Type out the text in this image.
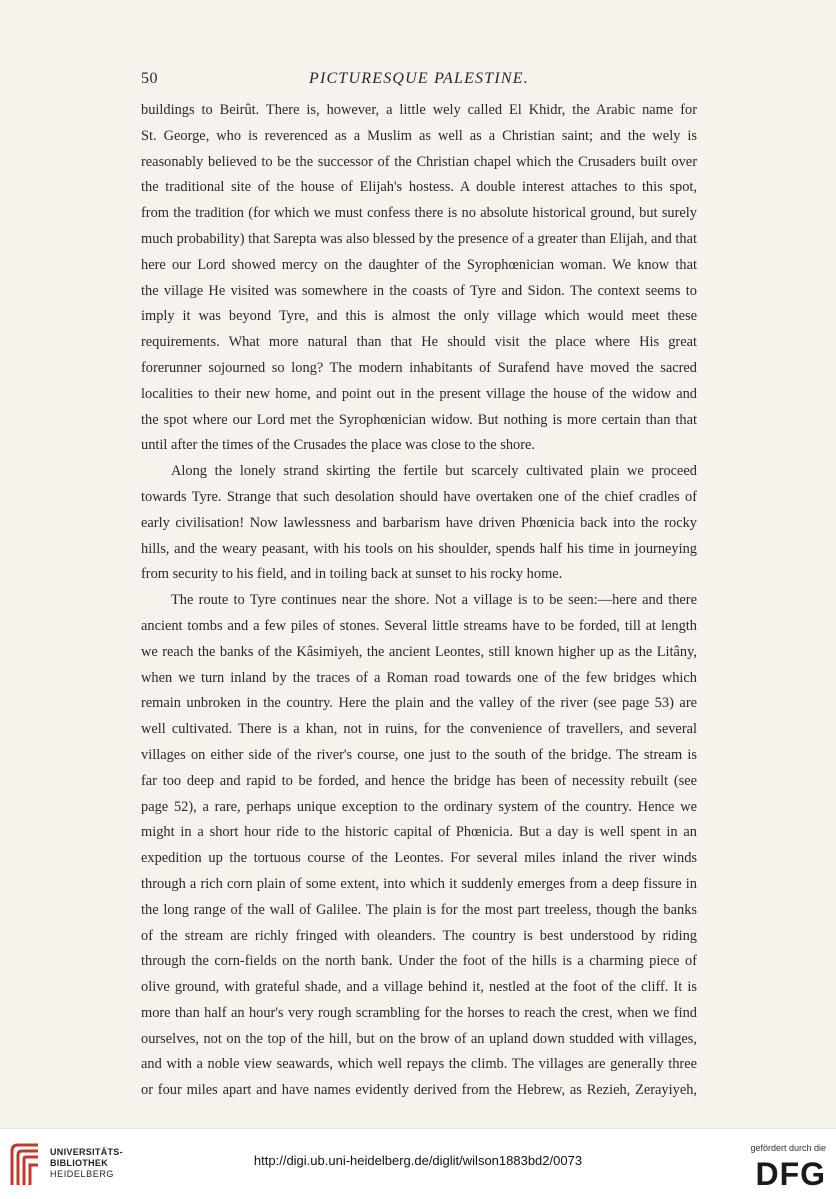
50	PICTURESQUE PALESTINE.
buildings to Beirût. There is, however, a little wely called El Khidr, the Arabic name for
St. George, who is reverenced as a Muslim as well as a Christian saint; and the wely is
reasonably believed to be the successor of the Christian chapel which the Crusaders built over
the traditional site of the house of Elijah's hostess. A double interest attaches to this spot,
from the tradition (for which we must confess there is no absolute historical ground, but surely
much probability) that Sarepta was also blessed by the presence of a greater than Elijah, and that
here our Lord showed mercy on the daughter of the Syrophœnician woman. We know that
the village He visited was somewhere in the coasts of Tyre and Sidon. The context seems to
imply it was beyond Tyre, and this is almost the only village which would meet these
requirements. What more natural than that He should visit the place where His great
forerunner sojourned so long? The modern inhabitants of Surafend have moved the sacred
localities to their new home, and point out in the present village the house of the widow and
the spot where our Lord met the Syrophœnician widow. But nothing is more certain than that
until after the times of the Crusades the place was close to the shore.
Along the lonely strand skirting the fertile but scarcely cultivated plain we proceed
towards Tyre. Strange that such desolation should have overtaken one of the chief cradles of
early civilisation! Now lawlessness and barbarism have driven Phœnicia back into the rocky
hills, and the weary peasant, with his tools on his shoulder, spends half his time in journeying
from security to his field, and in toiling back at sunset to his rocky home.
The route to Tyre continues near the shore. Not a village is to be seen:—here and there
ancient tombs and a few piles of stones. Several little streams have to be forded, till at length
we reach the banks of the Kâsimiyeh, the ancient Leontes, still known higher up as the Litâny,
when we turn inland by the traces of a Roman road towards one of the few bridges which
remain unbroken in the country. Here the plain and the valley of the river (see page 53) are
well cultivated. There is a khan, not in ruins, for the convenience of travellers, and several
villages on either side of the river's course, one just to the south of the bridge. The stream is
far too deep and rapid to be forded, and hence the bridge has been of necessity rebuilt (see
page 52), a rare, perhaps unique exception to the ordinary system of the country. Hence we
might in a short hour ride to the historic capital of Phœnicia. But a day is well spent in an
expedition up the tortuous course of the Leontes. For several miles inland the river winds
through a rich corn plain of some extent, into which it suddenly emerges from a deep fissure in
the long range of the wall of Galilee. The plain is for the most part treeless, though the banks
of the stream are richly fringed with oleanders. The country is best understood by riding
through the corn-fields on the north bank. Under the foot of the hills is a charming piece of
olive ground, with grateful shade, and a village behind it, nestled at the foot of the cliff. It is
more than half an hour's very rough scrambling for the horses to reach the crest, when we find
ourselves, not on the top of the hill, but on the brow of an upland down studded with villages,
and with a noble view seawards, which well repays the climb. The villages are generally three
or four miles apart and have names evidently derived from the Hebrew, as Rezieh, Zerayiyeh,
UNIVERSITÄTS-
BIBLIOTHEK
HEIDELBERG
http://digi.ub.uni-heidelberg.de/diglit/wilson1883bd2/0073
gefördert durch die
DFG
